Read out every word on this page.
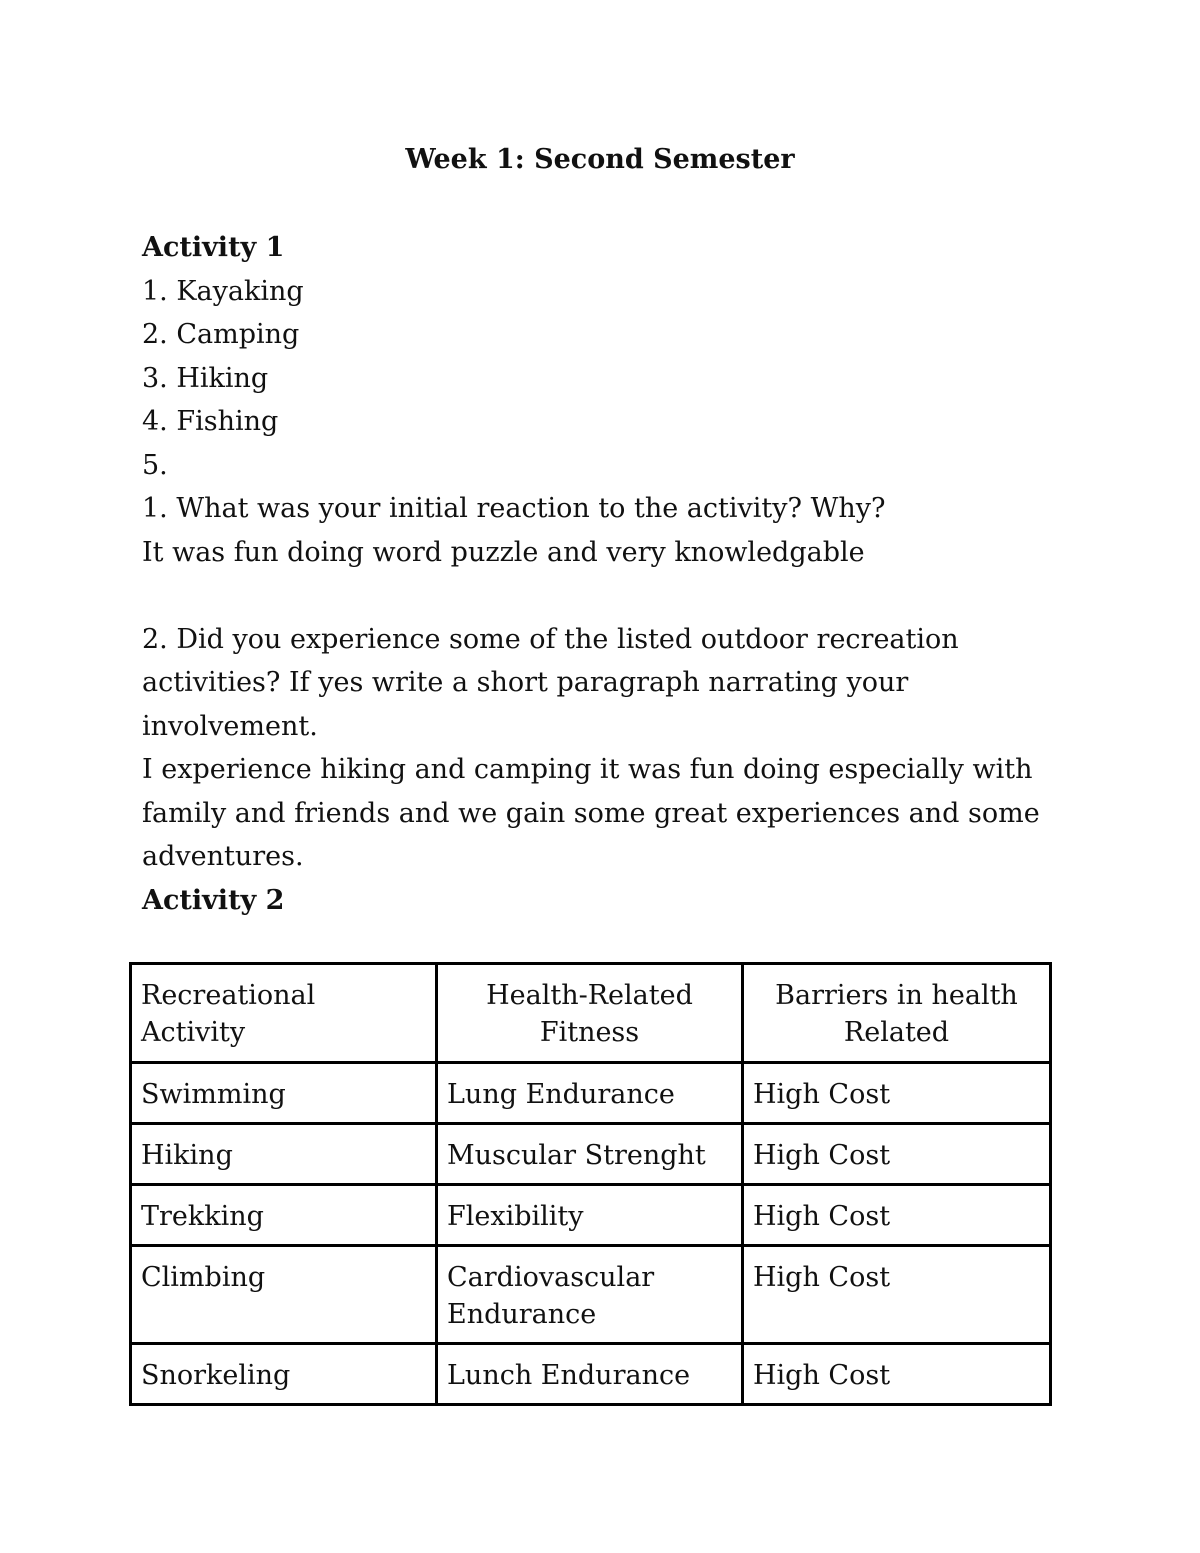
Week 1: Second Semester

Activity 1

1. Kayaking

2. Camping

3. Hiking

4. Fishing

5.

1. What was your initial reaction to the activity? Why?

It was fun doing word puzzle and very knowledgable

2. Did you experience some of the listed outdoor recreation

activities? If yes write a short paragraph narrating your

involvement.

I experience hiking and camping it was fun doing especially with

family and friends and we gain some great experiences and some

adventures.

Activity 2

Recreational Activity	Health-Related Fitness	Barriers in health Related
Swimming	Lung Endurance	High Cost
Hiking	Muscular Strenght	High Cost
Trekking	Flexibility	High Cost
Climbing	Cardiovascular Endurance	High Cost
Snorkeling	Lunch Endurance	High Cost
